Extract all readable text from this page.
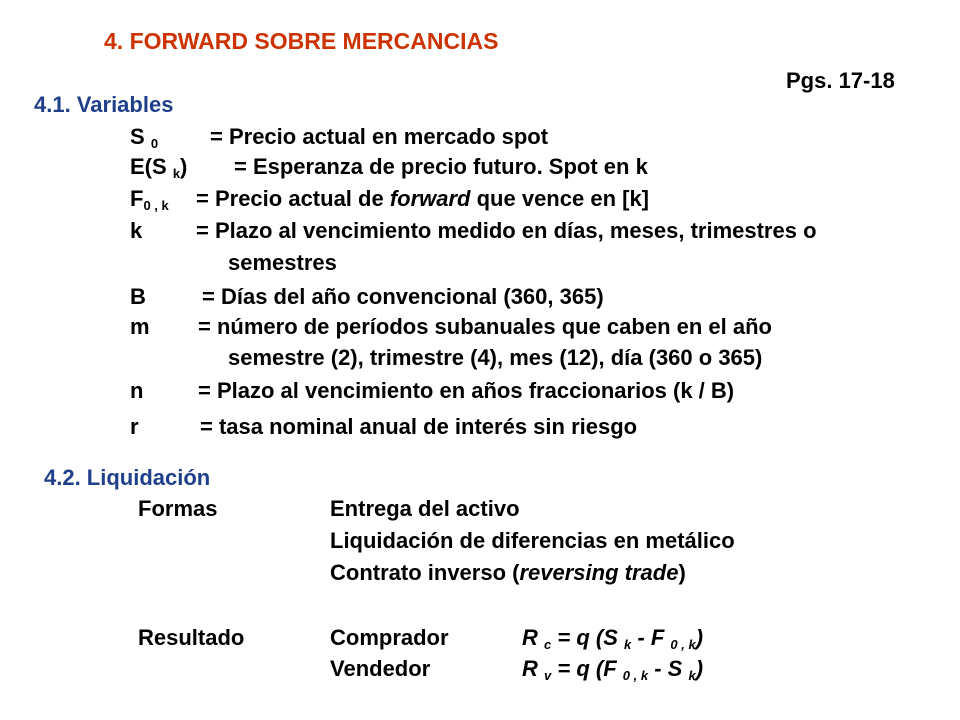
4. FORWARD SOBRE MERCANCIAS
Pgs. 17-18
4.1. Variables
S $_0$ = Precio actual en mercado spot
E(S $_k$) = Esperanza de precio futuro. Spot en k
$F_{0 , k}$ = Precio actual de forward que vence en [k]
k = Plazo al vencimiento medido en días, meses, trimestres o
semestres
B	= Días del año convencional (360, 365)
m = número de períodos subanuales que caben en el año
semestre (2), trimestre (4), mes (12), día (360 o 365)
n = Plazo al vencimiento en años fraccionarios (k / B)
r	= tasa nominal anual de interés sin riesgo
4.2. Liquidación
Formas	Entrega del activo
Liquidación de diferencias en metálico
Contrato inverso (reversing trade)
Resultado	Comprador	R $_c$ = q (S $_k$ - F $_{0 , k}$)
Vendedor	R $_v$ = q (F $_{0 , k}$ - S $_k$)
